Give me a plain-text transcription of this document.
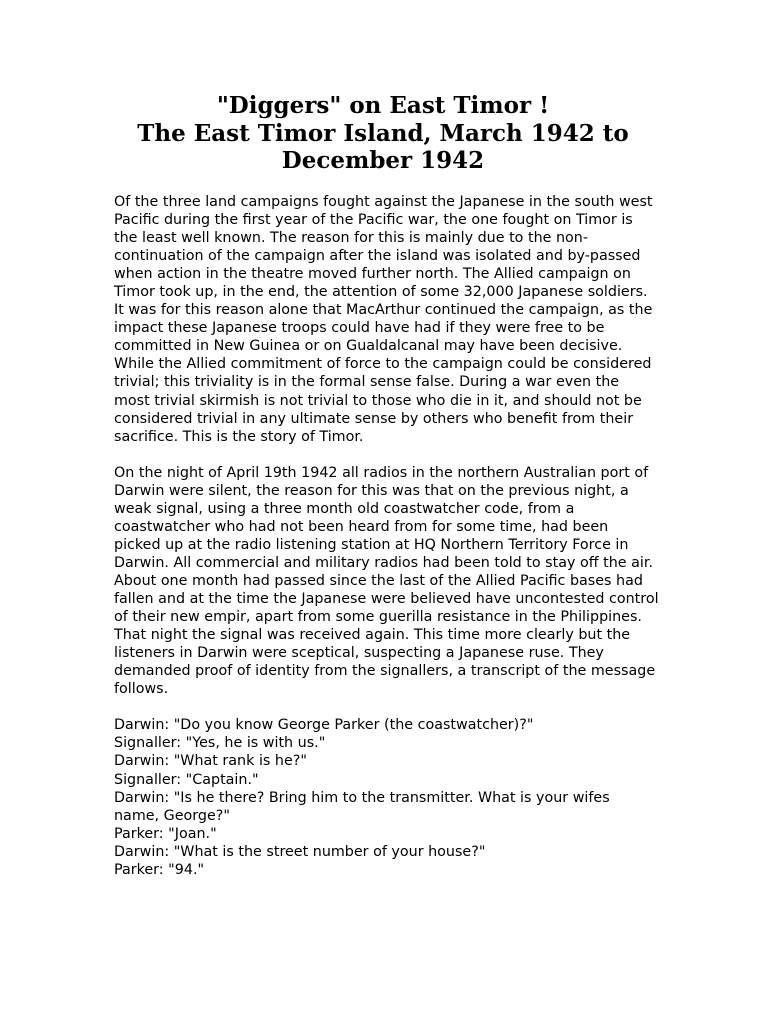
"Diggers" on East Timor !
The East Timor Island, March 1942 to
December 1942

Of the three land campaigns fought against the Japanese in the south west Pacific during the first year of the Pacific war, the one fought on Timor is the least well known. The reason for this is mainly due to the non-continuation of the campaign after the island was isolated and by-passed when action in the theatre moved further north. The Allied campaign on Timor took up, in the end, the attention of some 32,000 Japanese soldiers. It was for this reason alone that MacArthur continued the campaign, as the impact these Japanese troops could have had if they were free to be committed in New Guinea or on Gualdalcanal may have been decisive. While the Allied commitment of force to the campaign could be considered trivial; this triviality is in the formal sense false. During a war even the most trivial skirmish is not trivial to those who die in it, and should not be considered trivial in any ultimate sense by others who benefit from their sacrifice. This is the story of Timor.

On the night of April 19th 1942 all radios in the northern Australian port of Darwin were silent, the reason for this was that on the previous night, a weak signal, using a three month old coastwatcher code, from a coastwatcher who had not been heard from for some time, had been picked up at the radio listening station at HQ Northern Territory Force in Darwin. All commercial and military radios had been told to stay off the air. About one month had passed since the last of the Allied Pacific bases had fallen and at the time the Japanese were believed have uncontested control of their new empir, apart from some guerilla resistance in the Philippines. That night the signal was received again. This time more clearly but the listeners in Darwin were sceptical, suspecting a Japanese ruse. They demanded proof of identity from the signallers, a transcript of the message follows.

Darwin: "Do you know George Parker (the coastwatcher)?"
Signaller: "Yes, he is with us."
Darwin: "What rank is he?"
Signaller: "Captain."
Darwin: "Is he there? Bring him to the transmitter. What is your wifes name, George?"
Parker: "Joan."
Darwin: "What is the street number of your house?"
Parker: "94."
